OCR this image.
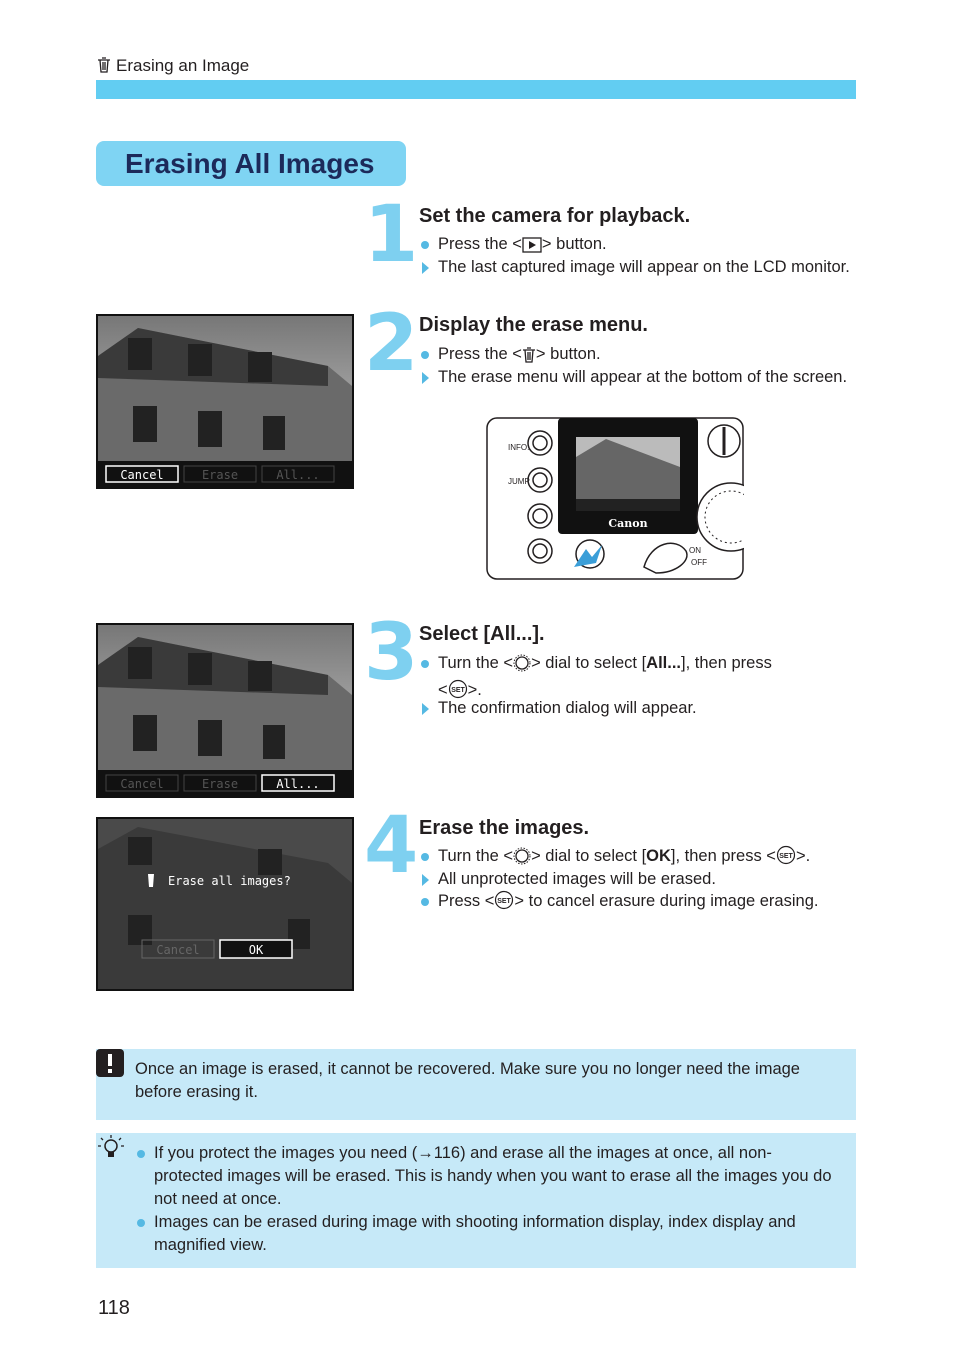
Erasing an Image
Erasing All Images
1 Set the camera for playback.
Press the < > button.
The last captured image will appear on the LCD monitor.
Cancel	Erase	All...
2 Display the erase menu.
Press the < > button.
The erase menu will appear at the bottom of the screen.
Canon
INFO.
JUMP
ON
OFF
Cancel	Erase	All...
3 Select [All...].
Turn the < > dial to select [All...], then press
< SET >.
The confirmation dialog will appear.
Erase all images?
Cancel	OK
4 Erase the images.
Turn the < > dial to select [OK], then press < SET >.
All unprotected images will be erased.
Press < SET > to cancel erasure during image erasing.
Once an image is erased, it cannot be recovered. Make sure you no longer need the image before erasing it.
If you protect the images you need (→116) and erase all the images at once, all non-protected images will be erased. This is handy when you want to erase all the images you do not need at once.
Images can be erased during image with shooting information display, index display and magnified view.
118
